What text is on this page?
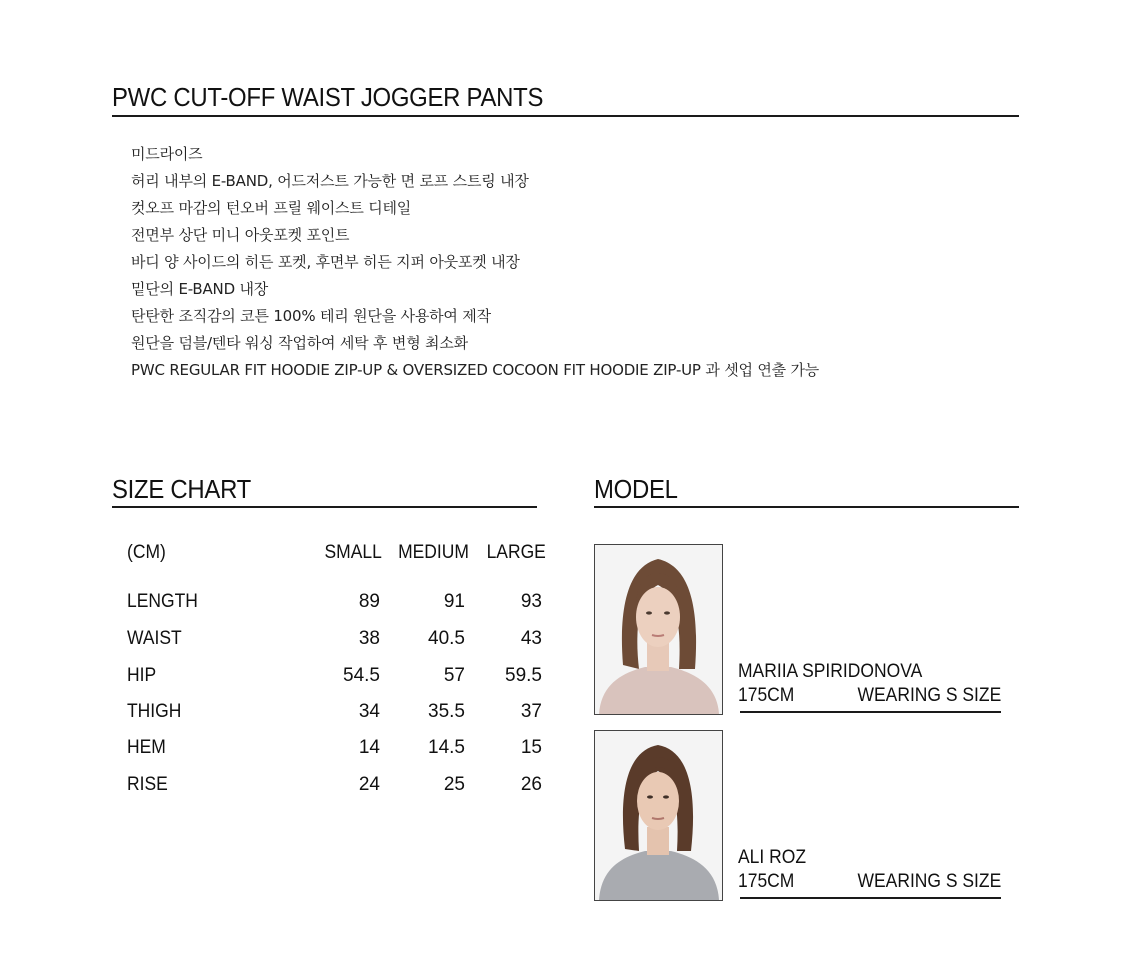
PWC CUT-OFF WAIST JOGGER PANTS
미드라이즈
허리 내부의 E-BAND, 어드저스트 가능한 면 로프 스트링 내장
컷오프 마감의 턴오버 프릴 웨이스트 디테일
전면부 상단 미니 아웃포켓 포인트
바디 양 사이드의 히든 포켓, 후면부 히든 지퍼 아웃포켓 내장
밑단의 E-BAND 내장
탄탄한 조직감의 코튼 100% 테리 원단을 사용하여 제작
원단을 덤블/텐타 워싱 작업하여 세탁 후 변형 최소화
PWC REGULAR FIT HOODIE ZIP-UP & OVERSIZED COCOON FIT HOODIE ZIP-UP 과 셋업 연출 가능
SIZE CHART
(CM)	SMALL MEDIUM LARGE
LENGTH	89	91	93
WAIST	38	40.5	43
HIP	54.5	57	59.5
THIGH	34	35.5	37
HEM	14	14.5	15
RISE	24	25	26
MODEL
MARIIA SPIRIDONOVA
175CM	WEARING S SIZE
ALI ROZ
175CM	WEARING S SIZE
